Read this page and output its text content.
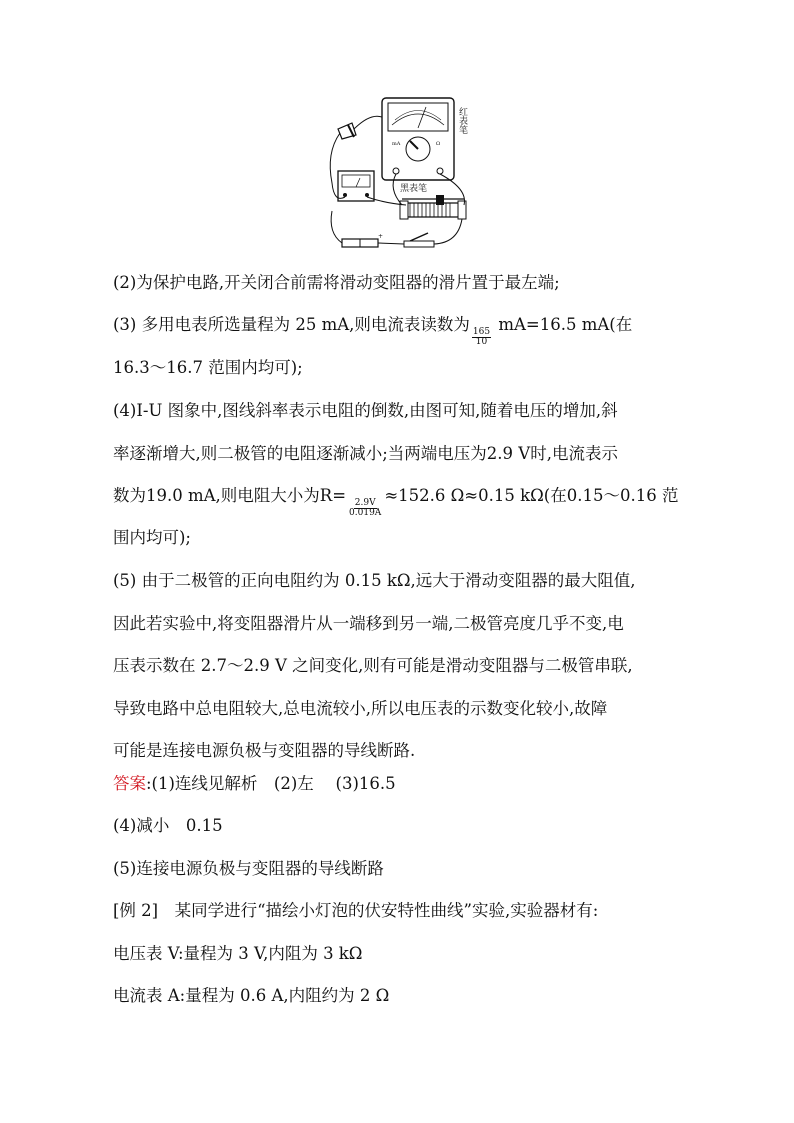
mA	Ω
+
红表笔
黑表笔
(2)为保护电路,开关闭合前需将滑动变阻器的滑片置于最左端;
(3) 多用电表所选量程为 25 mA,则电流表读数为
$\frac{165}{10}$
mA=16.5 mA(在
16.3～16.7 范围内均可);
(4)I-U 图象中,图线斜率表示电阻的倒数,由图可知,随着电压的增加,斜
率逐渐增大,则二极管的电阻逐渐减小;当两端电压为2.9 V时,电流表示
数为19.0 mA,则电阻大小为R=
$\frac{2.9V}{0.019A}$
≈152.6 Ω≈0.15 kΩ(在0.15～0.16 范
围内均可);
(5) 由于二极管的正向电阻约为 0.15 kΩ,远大于滑动变阻器的最大阻值,
因此若实验中,将变阻器滑片从一端移到另一端,二极管亮度几乎不变,电
压表示数在 2.7～2.9 V 之间变化,则有可能是滑动变阻器与二极管串联,
导致电路中总电阻较大,总电流较小,所以电压表的示数变化较小,故障
可能是连接电源负极与变阻器的导线断路.
答案:(1)连线见解析　(2)左　 (3)16.5
(4)减小　0.15
(5)连接电源负极与变阻器的导线断路
[例 2]　某同学进行“描绘小灯泡的伏安特性曲线”实验,实验器材有:
电压表 V:量程为 3 V,内阻为 3 kΩ
电流表 A:量程为 0.6 A,内阻约为 2 Ω
